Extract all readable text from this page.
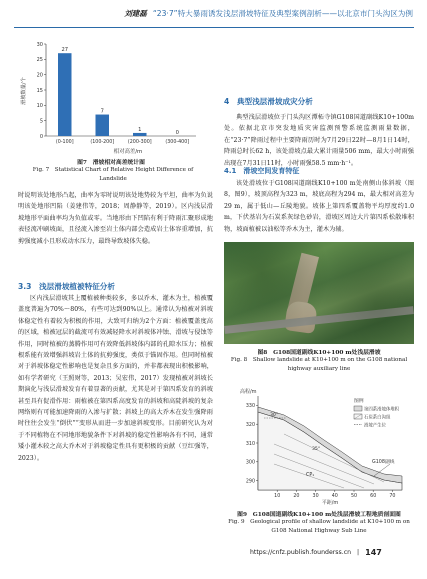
刘建磊 “23·7”特大暴雨诱发浅层滑坡特征及典型案例剖析——以北京市门头沟区为例
0
5
10
15
20
25
30
27
(0-100]
7
(100-200]
1
(200-300]
0
(300-400]
滑坡数量/个
相对高差/m
图7　滑坡相对高差统计图
Fig. 7　Statistical Chart of Relative Height Difference of
Landslide
时说明该处地形凸起，曲率为零时说明该处地势较为平坦，曲率为负说明该处地形凹陷（姜建伟等，2018；周静静等，2019）。区内浅层滑坡地形平面曲率均为负值或零。当地形由下凹陷有利于降雨汇聚形成地表径流冲刷坡面，且径流入渗至岩土体内部会造成岩土体容重增加，抗剪强度减小且形成动水压力，最终导致坡体失稳。
3.3　浅层滑坡植被特征分析
区内浅层滑坡其上覆植被种类较多，多以乔木、灌木为主，植被覆盖度普遍为70%～80%，有些可达到90%以上。通常认为植被对斜坡体稳定性有着较为积极的作用，大致可归纳为2个方面：植被覆盖度高的区域，植被冠层的截流可有效减轻降水对斜坡体冲蚀、滑坡与侵蚀等作用，同时植被的蒸腾作用可有效降低斜坡体内部的孔隙水压力；植被根系能有效增强斜坡岩土体的抗剪强度，类似于锚固作用。但同时植被对于斜坡体稳定性影响也是复杂且多方面的，并非都表现出积极影响，如有学者研究（王照财等，2013；吴宏伟，2017）发现植被对斜坡长期演化与浅层滑坡发育有着显著的贡献，尤其是对于第四系发育的斜坡甚至具有促滑作用：雨植被在第四系高度发育的斜坡和高陡斜坡的复杂网络则有可能加速降雨的入渗与扩散；斜坡上的高大乔木在发生强降雨时往往会发生“倒伏”“变形从而进一步加速斜坡变形。目前研究认为对于不同植物在不同地形地貌条件下对斜坡的稳定性影响各有不同，通常矮小灌木较之高大乔木对于斜坡稳定性具有更积极的贡献（豆红强等，2023）。
4　典型浅层滑坡成灾分析
典型浅层滑坡位于门头沟区潭柘寺镇G108国道副线K10+100m处。依据北京市突发地质灾害监测预警系统监测雨量数据，在“23·7”降雨过程中主要降雨历时为7月29日22时—8月1日14时，降雨总时长62 h，该处滑坡点最大累计雨量506 mm，最大小时雨强出现在7月31日11时，小时雨强58.5 mm·h⁻¹。
4.1　滑坡空间发育特征
该处滑坡位于G108国道副线K10+100 m处南侧山体斜坡（图8，图9），坡顶高程为323 m，坡底高程为294 m，最大相对高差为29 m，属于低山—丘陵地貌。坡体上第四系覆盖物平均厚度约1.0 m，下伏基岩为石炭系灰绿色砂岩，滑坡区周边大片第四系松散堆积物，坡面植被以油松等乔木为主，灌木为辅。
图8　G108国道副线K10+100 m处浅层滑坡
Fig. 8　Shallow landslide at K10+100 m on the G108 national
highway auxiliary line
高程/m
290
300
310
320
330
10	20	30	40	50	60	70
30°
35°
CP₁
G108副线
图例
第四系滑坡体堆积
石炭系白沟组
滑坡产生位
平距/m
图9　G108国道副线K10+100 m处浅层滑坡工程地质剖面图
Fig. 9　Geological profile of shallow landslide at K10+100 m on
G108 National Highway Sub Line
https://cnfz.publish.founderss.cn | 147
